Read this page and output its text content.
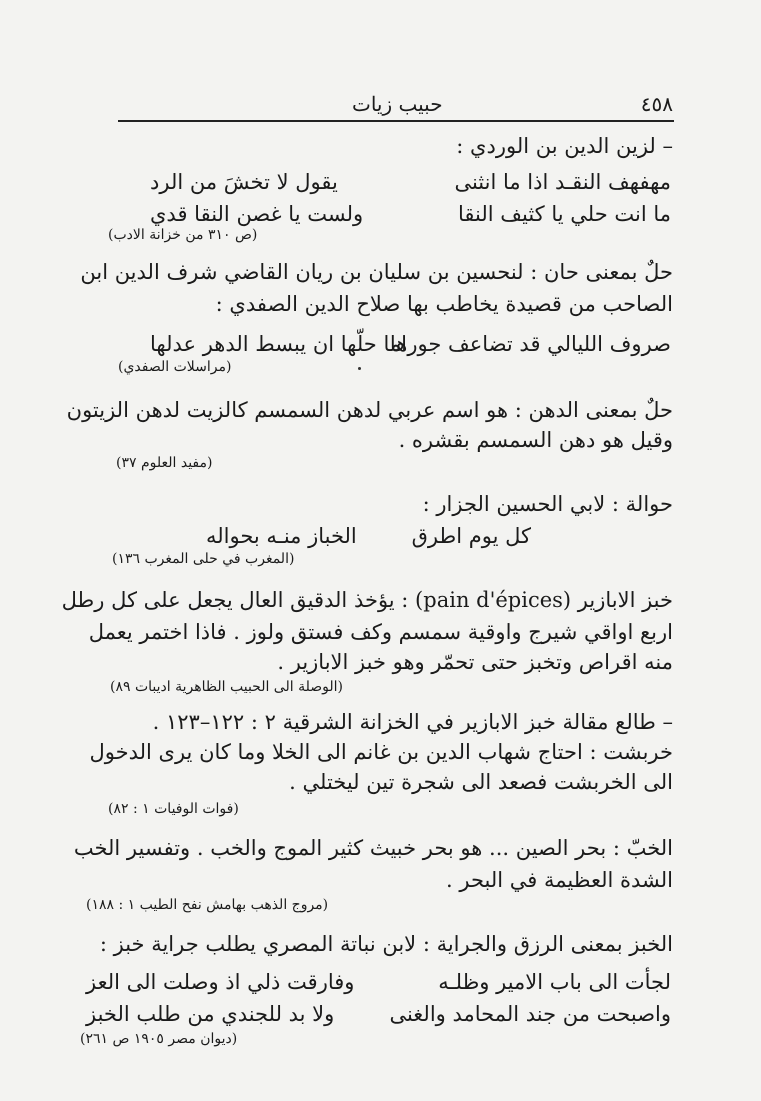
٤٥٨
حبيب زيات
– لزين الدين بن الوردي :
مهفهف النقـد اذا ما انثنى
يقول لا تخشَ من الرد
ما انت حلي يا كثيف النقا
ولست يا غصن النقا قدي
(ص ٣١٠ من خزانة الادب)
حلٌ بمعنى حان : لنحسين بن سليان بن ريان القاضي شرف الدين ابن
الصاحب من قصيدة يخاطب بها صلاح الدين الصفدي :
صروف الليالي قد تضاعف جورها
اما حلّها ان يبسط الدهر عدلها
(مراسلات الصفدي)
حلٌ بمعنى الدهن : هو اسم عربي لدهن السمسم كالزيت لدهن الزيتون
وقيل هو دهن السمسم بقشره .
(مفيد العلوم ٣٧)
حوالة : لابي الحسين الجزار :
كل يوم اطرق
الخباز منـه بحواله
(المغرب في حلى المغرب ١٣٦)
خبز الابازير (pain d'épices) : يؤخذ الدقيق العال يجعل على كل رطل
اربع اواقي شيرج واوقية سمسم وكف فستق ولوز . فاذا اختمر يعمل
منه اقراص وتخبز حتى تحمّر وهو خبز الابازير .
(الوصلة الى الحبيب الظاهرية اديبات ٨٩)
– طالع مقالة خبز الابازير في الخزانة الشرقية ٢ : ١٢٢–١٢٣ .
خربشت : احتاج شهاب الدين بن غانم الى الخلا وما كان يرى الدخول
الى الخربشت فصعد الى شجرة تين ليختلي .
(فوات الوفيات ١ : ٨٢)
الخبّ : بحر الصين ... هو بحر خبيث كثير الموج والخب . وتفسير الخب
الشدة العظيمة في البحر .
(مروج الذهب بهامش نفح الطيب ١ : ١٨٨)
الخبز بمعنى الرزق والجراية : لابن نباتة المصري يطلب جراية خبز :
لجأت الى باب الامير وظلـه
وفارقت ذلي اذ وصلت الى العز
واصبحت من جند المحامد والغنى
ولا بد للجندي من طلب الخبز
(ديوان مصر ١٩٠٥ ص ٢٦١)
